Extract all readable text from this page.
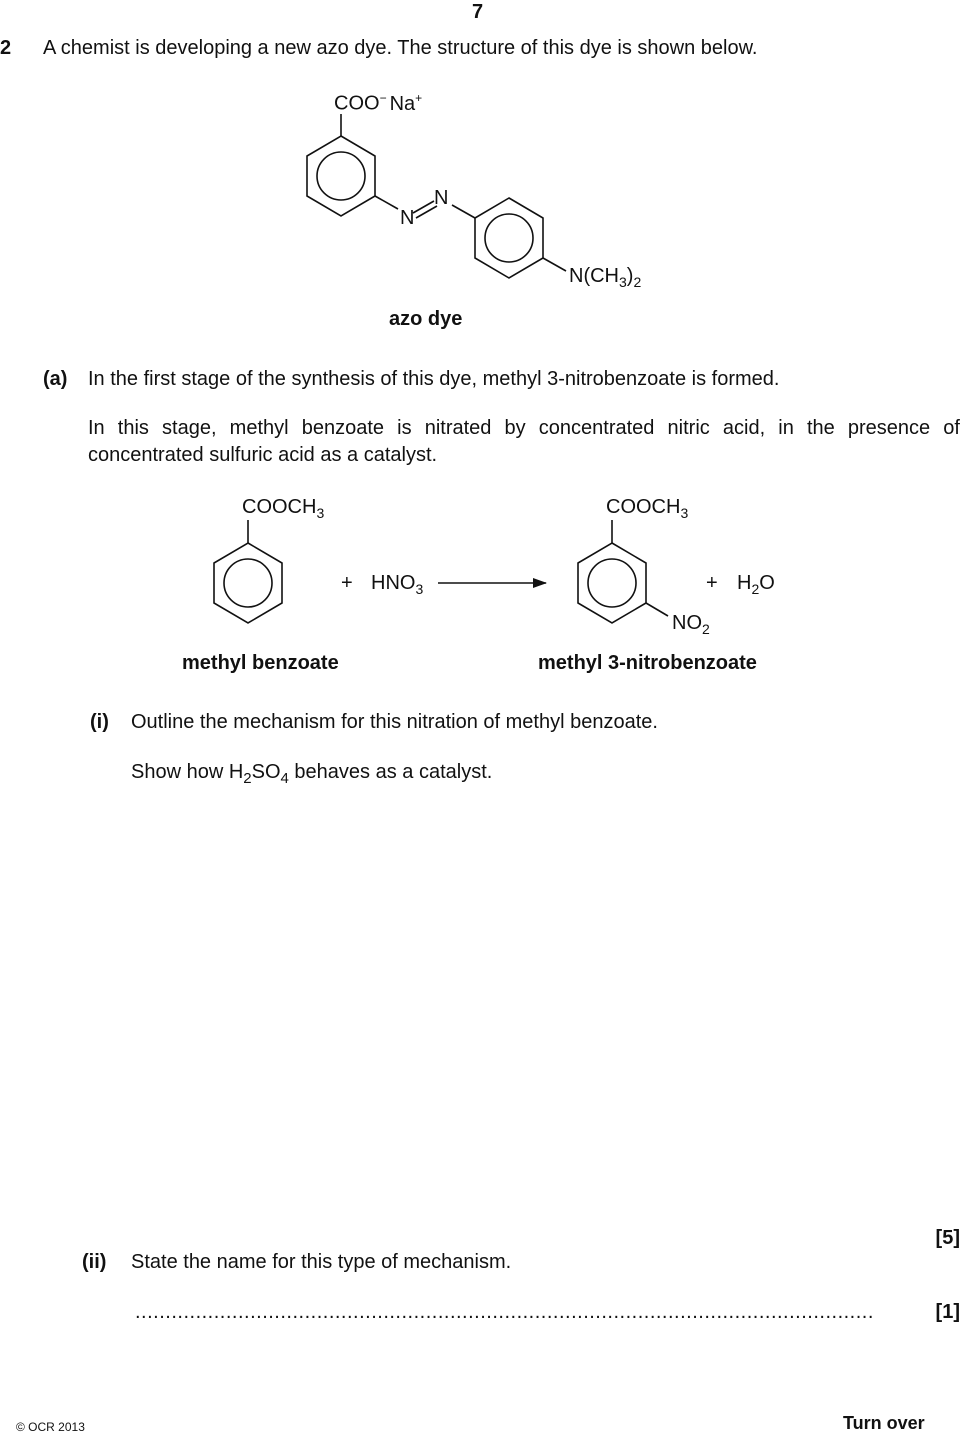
7
2 A chemist is developing a new azo dye. The structure of this dye is shown below.
COO− Na+
N
N
$N(CH_3)_2$
azo dye
(a) In the first stage of the synthesis of this dye, methyl 3-nitrobenzoate is formed.
In this stage, methyl benzoate is nitrated by concentrated nitric acid, in the presence of
concentrated sulfuric acid as a catalyst.
$COOCH_3$	$COOCH_3$
+ $HNO_3$	+ $H_2O$
$NO_2$
methyl benzoate	methyl 3-nitrobenzoate
(i) Outline the mechanism for this nitration of methyl benzoate.
Show how $H_2SO_4$ behaves as a catalyst.
[5]
(ii) State the name for this type of mechanism.
..........................................................................................................................	[1]
© OCR 2013	Turn over
